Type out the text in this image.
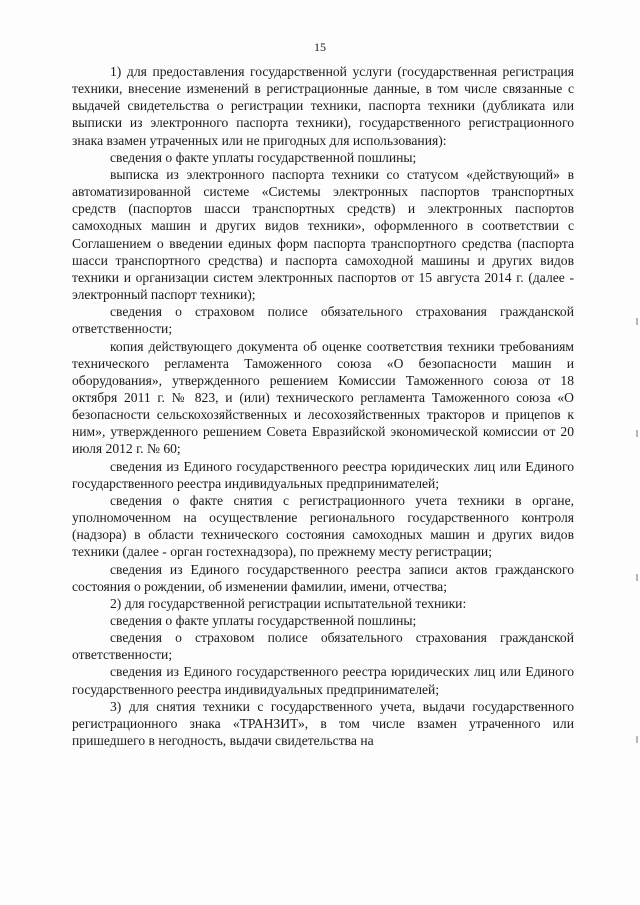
15

1) для предоставления государственной услуги (государственная регистрация техники, внесение изменений в регистрационные данные, в том числе связанные с выдачей свидетельства о регистрации техники, паспорта техники (дубликата или выписки из электронного паспорта техники), государственного регистрационного знака взамен утраченных или не пригодных для использования):

сведения о факте уплаты государственной пошлины;

выписка из электронного паспорта техники со статусом «действующий» в автоматизированной системе «Системы электронных паспортов транспортных средств (паспортов шасси транспортных средств) и электронных паспортов самоходных машин и других видов техники», оформленного в соответствии с Соглашением о введении единых форм паспорта транспортного средства (паспорта шасси транспортного средства) и паспорта самоходной машины и других видов техники и организации систем электронных паспортов от 15 августа 2014 г. (далее - электронный паспорт техники);

сведения о страховом полисе обязательного страхования гражданской ответственности;

копия действующего документа об оценке соответствия техники требованиям технического регламента Таможенного союза «О безопасности машин и оборудования», утвержденного решением Комиссии Таможенного союза от 18 октября 2011 г. № 823, и (или) технического регламента Таможенного союза «О безопасности сельскохозяйственных и лесохозяйственных тракторов и прицепов к ним», утвержденного решением Совета Евразийской экономической комиссии от 20 июля 2012 г. № 60;

сведения из Единого государственного реестра юридических лиц или Единого государственного реестра индивидуальных предпринимателей;

сведения о факте снятия с регистрационного учета техники в органе, уполномоченном на осуществление регионального государственного контроля (надзора) в области технического состояния самоходных машин и других видов техники (далее - орган гостехнадзора), по прежнему месту регистрации;

сведения из Единого государственного реестра записи актов гражданского состояния о рождении, об изменении фамилии, имени, отчества;

2) для государственной регистрации испытательной техники:

сведения о факте уплаты государственной пошлины;

сведения о страховом полисе обязательного страхования гражданской ответственности;

сведения из Единого государственного реестра юридических лиц или Единого государственного реестра индивидуальных предпринимателей;

3) для снятия техники с государственного учета, выдачи государственного регистрационного знака «ТРАНЗИТ», в том числе взамен утраченного или пришедшего в негодность, выдачи свидетельства на
